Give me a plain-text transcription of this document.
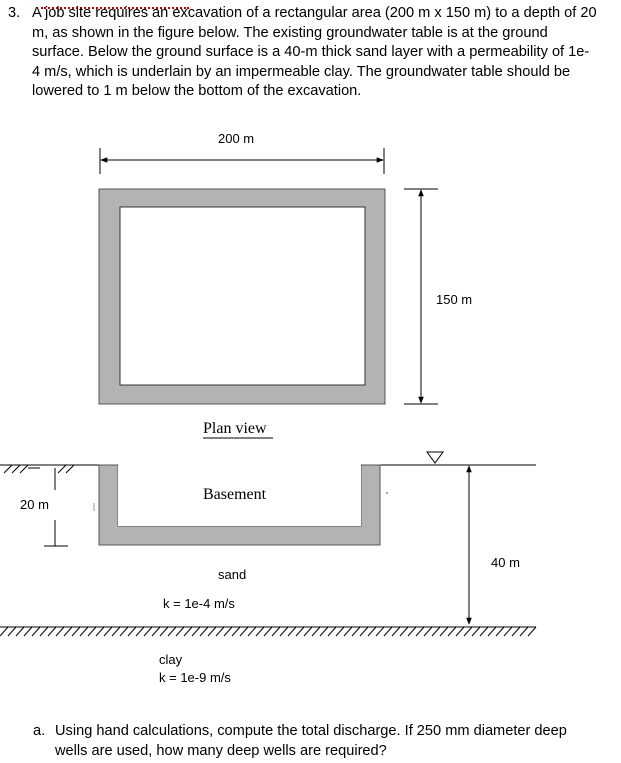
3. A job site requires an excavation of a rectangular area (200 m x 150 m) to a depth of 20 m, as shown in the figure below. The existing groundwater table is at the ground surface. Below the ground surface is a 40-m thick sand layer with a permeability of 1e-4 m/s, which is underlain by an impermeable clay. The groundwater table should be lowered to 1 m below the bottom of the excavation.
200 m
150 m
Plan view
Basement
20 m
40 m
sand
k = 1e-4 m/s
clay
k = 1e-9 m/s
a. Using hand calculations, compute the total discharge. If 250 mm diameter deep wells are used, how many deep wells are required?
